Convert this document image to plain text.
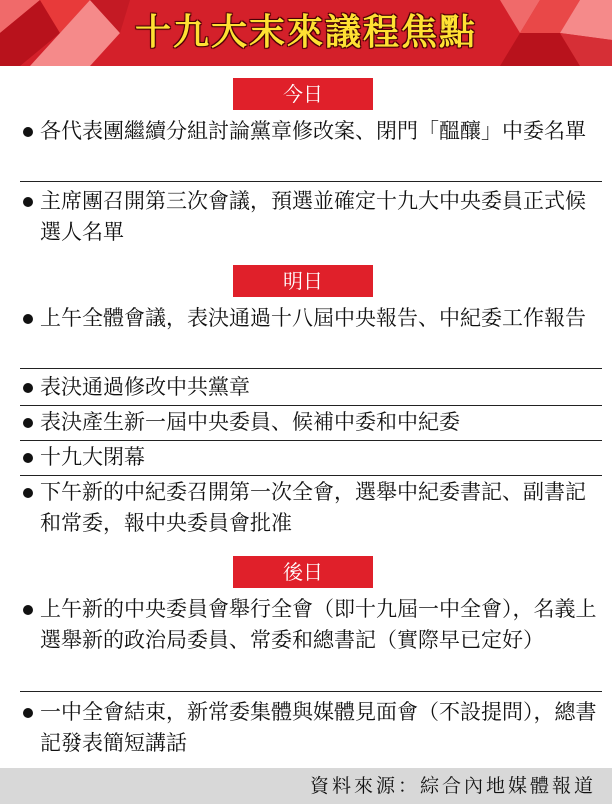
十九大末來議程焦點
今日
各代表團繼續分組討論黨章修改案、閉門「醞釀」中委名單
主席團召開第三次會議，預選並確定十九大中央委員正式候選人名單
明日
上午全體會議，表決通過十八屆中央報告、中紀委工作報告
表決通過修改中共黨章
表決產生新一屆中央委員、候補中委和中紀委
十九大閉幕
下午新的中紀委召開第一次全會，選舉中紀委書記、副書記和常委，報中央委員會批准
後日
上午新的中央委員會舉行全會（即十九屆一中全會），名義上選舉新的政治局委員、常委和總書記（實際早已定好）
一中全會結束，新常委集體與媒體見面會（不設提問），總書記發表簡短講話
資料來源：綜合內地媒體報道
